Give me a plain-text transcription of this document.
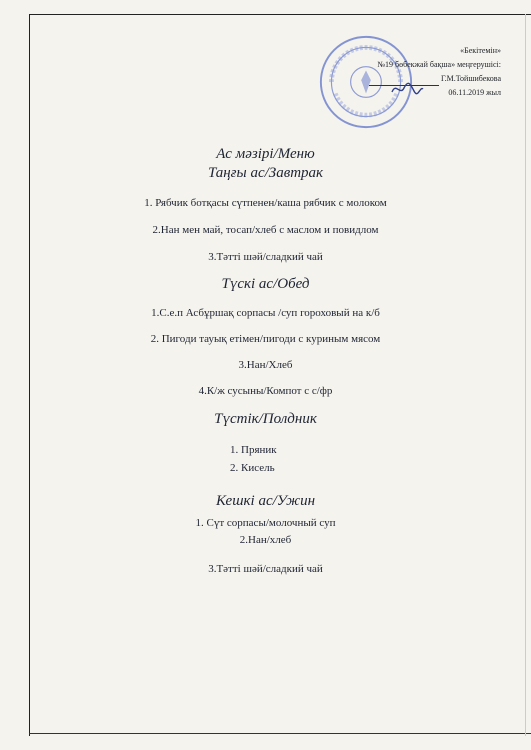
«Бекітемін»
№19 бөбекжай бақша» меңгерушісі:
Г.М.Тойшибекова
06.11.2019 жыл
Ас мәзірі/Меню
Таңғы ас/Завтрак
1. Рябчик ботқасы сүтпенен/каша рябчик с молоком
2.Нан мен май, тосап/хлеб с маслом и повидлом
3.Тәтті шәй/сладкий чай
Түскі ас/Обед
1.С.е.п Асбұршақ сорпасы /суп гороховый на к/б
2. Пигоди тауық етімен/пигоди с куриным мясом
3.Нан/Хлеб
4.К/ж сусыны/Компот с с/фр
Түстік/Полдник
1. Пряник
2. Кисель
Кешкі ас/Ужин
1. Сүт сорпасы/молочный суп
2.Нан/хлеб
3.Тәтті шәй/сладкий чай
